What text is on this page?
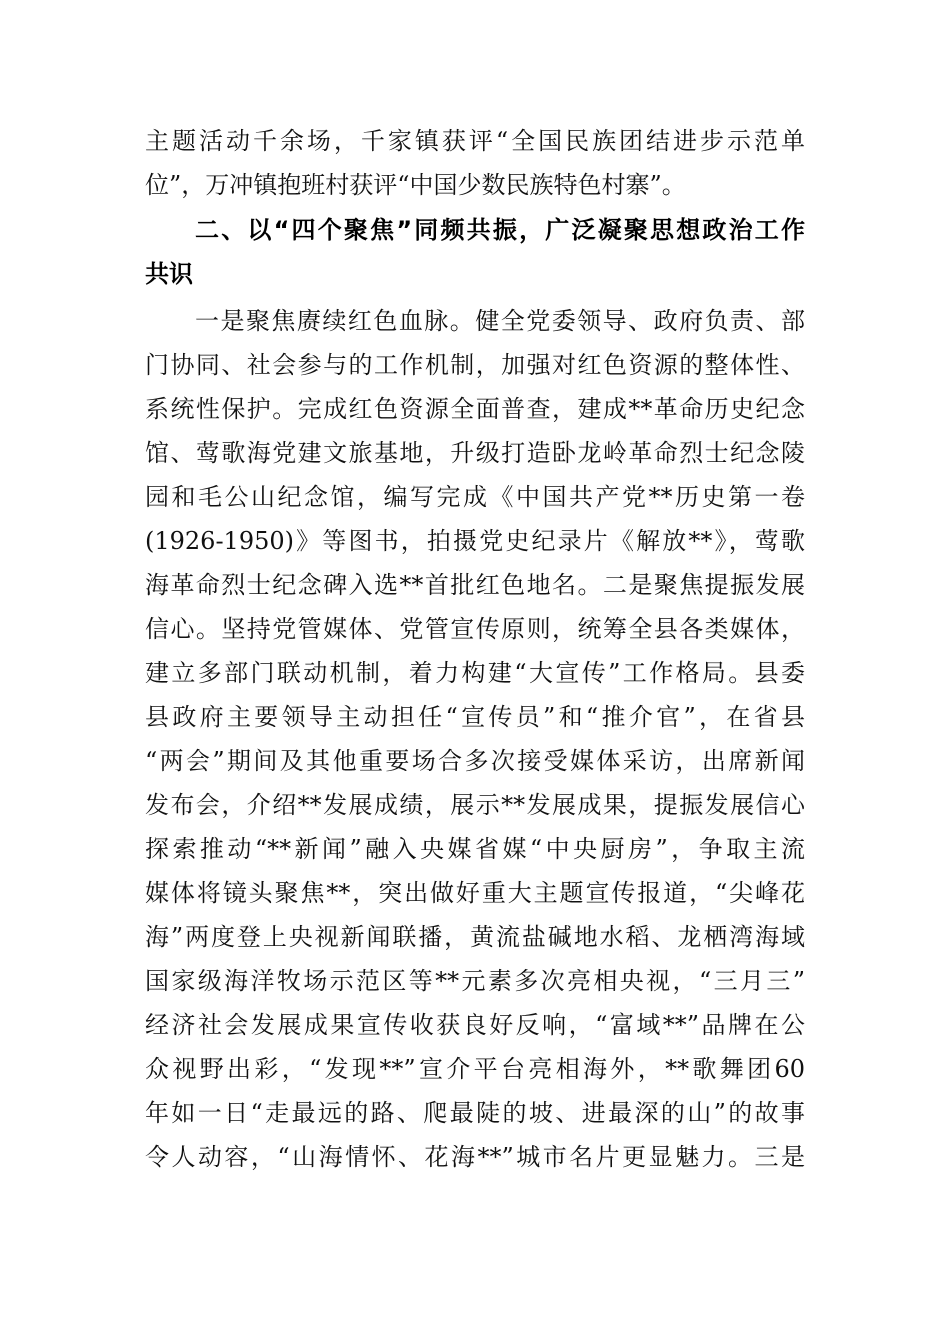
主题活动千余场，千家镇获评“全国民族团结进步示范单

位”，万冲镇抱班村获评“中国少数民族特色村寨”。

二、以“四个聚焦”同频共振，广泛凝聚思想政治工作

共识

一是聚焦赓续红色血脉。健全党委领导、政府负责、部

门协同、社会参与的工作机制，加强对红色资源的整体性、

系统性保护。完成红色资源全面普查，建成**革命历史纪念

馆、莺歌海党建文旅基地，升级打造卧龙岭革命烈士纪念陵

园和毛公山纪念馆，编写完成《中国共产党**历史第一卷

(1926-1950)》等图书，拍摄党史纪录片《解放**》，莺歌

海革命烈士纪念碑入选**首批红色地名。二是聚焦提振发展

信心。坚持党管媒体、党管宣传原则，统筹全县各类媒体，

建立多部门联动机制，着力构建“大宣传”工作格局。县委

县政府主要领导主动担任“宣传员”和“推介官”，在省县

“两会”期间及其他重要场合多次接受媒体采访，出席新闻

发布会，介绍**发展成绩，展示**发展成果，提振发展信心

探索推动“**新闻”融入央媒省媒“中央厨房”，争取主流

媒体将镜头聚焦**，突出做好重大主题宣传报道，“尖峰花

海”两度登上央视新闻联播，黄流盐碱地水稻、龙栖湾海域

国家级海洋牧场示范区等**元素多次亮相央视，“三月三”

经济社会发展成果宣传收获良好反响，“富域**”品牌在公

众视野出彩，“发现**”宣介平台亮相海外，**歌舞团60

年如一日“走最远的路、爬最陡的坡、进最深的山”的故事

令人动容，“山海情怀、花海**”城市名片更显魅力。三是
